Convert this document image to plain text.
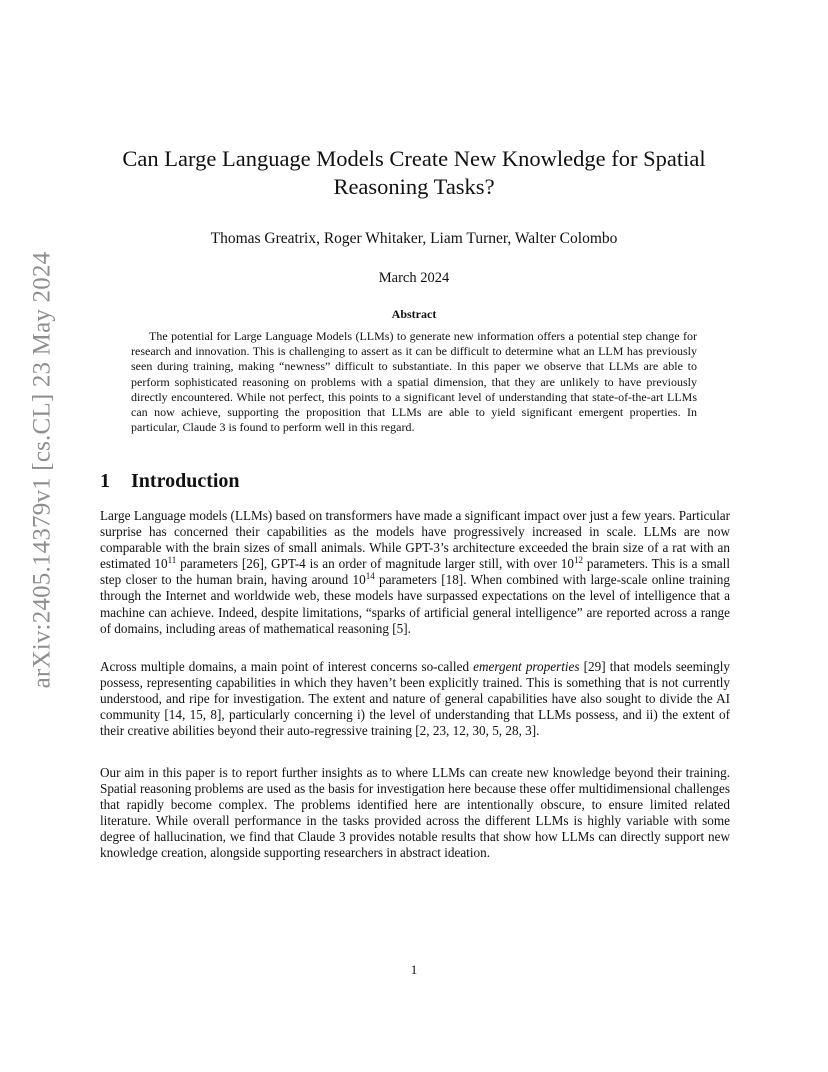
arXiv:2405.14379v1 [cs.CL] 23 May 2024
Can Large Language Models Create New Knowledge for Spatial Reasoning Tasks?
Thomas Greatrix, Roger Whitaker, Liam Turner, Walter Colombo
March 2024
Abstract
The potential for Large Language Models (LLMs) to generate new information offers a potential step change for research and innovation. This is challenging to assert as it can be difficult to determine what an LLM has previously seen during training, making “newness” difficult to substantiate. In this paper we observe that LLMs are able to perform sophisticated reasoning on problems with a spatial dimension, that they are unlikely to have previously directly encountered. While not perfect, this points to a significant level of understanding that state-of-the-art LLMs can now achieve, supporting the proposition that LLMs are able to yield significant emergent properties. In particular, Claude 3 is found to perform well in this regard.
1 Introduction

Large Language models (LLMs) based on transformers have made a significant impact over just a few years. Particular surprise has concerned their capabilities as the models have progressively increased in scale. LLMs are now comparable with the brain sizes of small animals. While GPT-3’s architecture exceeded the brain size of a rat with an estimated $10^{11}$ parameters [26], GPT-4 is an order of magnitude larger still, with over $10^{12}$ parameters. This is a small step closer to the human brain, having around $10^{14}$ parameters [18]. When combined with large-scale online training through the Internet and worldwide web, these models have surpassed expectations on the level of intelligence that a machine can achieve. Indeed, despite limitations, “sparks of artificial general intelligence” are reported across a range of domains, including areas of mathematical reasoning [5].

Across multiple domains, a main point of interest concerns so-called emergent properties [29] that models seemingly possess, representing capabilities in which they haven’t been explicitly trained. This is something that is not currently understood, and ripe for investigation. The extent and nature of general capabilities have also sought to divide the AI community [14, 15, 8], particularly concerning i) the level of understanding that LLMs possess, and ii) the extent of their creative abilities beyond their auto-regressive training [2, 23, 12, 30, 5, 28, 3].

Our aim in this paper is to report further insights as to where LLMs can create new knowledge beyond their training. Spatial reasoning problems are used as the basis for investigation here because these offer multidimensional challenges that rapidly become complex. The problems identified here are intentionally obscure, to ensure limited related literature. While overall performance in the tasks provided across the different LLMs is highly variable with some degree of hallucination, we find that Claude 3 provides notable results that show how LLMs can directly support new knowledge creation, alongside supporting researchers in abstract ideation.

1
